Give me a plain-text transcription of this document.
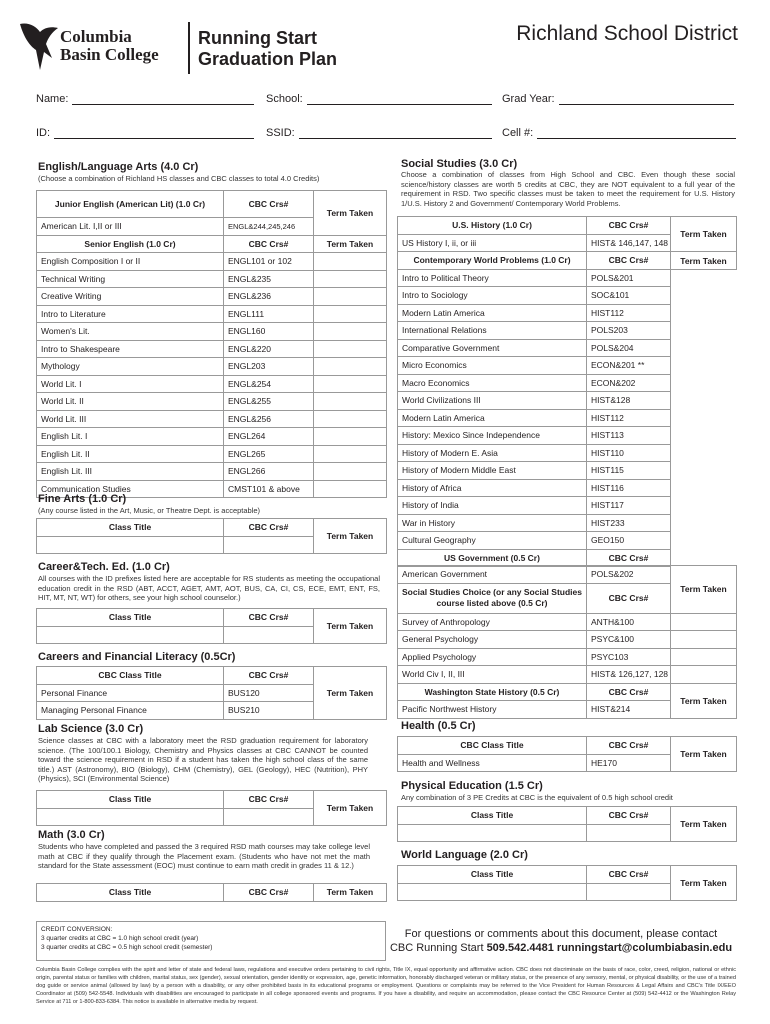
Columbia
Basin College
Running Start
Graduation Plan
Richland School District
Name:	School:	Grad Year:
ID:	SSID:	Cell #:
English/Language Arts (4.0 Cr)
(Choose a combination of Richland HS classes and CBC classes to total 4.0 Credits)
Junior English (American Lit) (1.0 Cr)	CBC Crs#	Term Taken
American Lit. I,II or III	ENGL&244,245,246	
Senior English (1.0 Cr)	CBC Crs#	Term Taken
English Composition I or II	ENGL101 or 102	
Technical Writing	ENGL&235	
Creative Writing	ENGL&236	
Intro to Literature	ENGL111	
Women's Lit.	ENGL160	
Intro to Shakespeare	ENGL&220	
Mythology	ENGL203	
World Lit. I	ENGL&254	
World Lit. II	ENGL&255	
World Lit. III	ENGL&256	
English Lit. I	ENGL264	
English Lit. II	ENGL265	
English Lit. III	ENGL266	
Communication Studies	CMST101 & above	
Fine Arts (1.0 Cr)
(Any course listed in the Art, Music, or Theatre Dept. is acceptable)
Class Title	CBC Crs#	Term Taken

Career&Tech. Ed. (1.0 Cr)
All courses with the ID prefixes listed here are acceptable for RS students as meeting the occupational education credit in the RSD (ABT, ACCT, AGET, AMT, AOT, BUS, CA, CI, CS, ECE, EMT, ENT, FS, HIT, MT, NT, WT) for others, see your high school counselor.)
Class Title	CBC Crs#	Term Taken

Careers and Financial Literacy (0.5Cr)
CBC Class Title	CBC Crs#	Term Taken
Personal Finance	BUS120	
Managing Personal Finance	BUS210	
Lab Science (3.0 Cr)
Science classes at CBC with a laboratory meet the RSD graduation requirement for laboratory science. (The 100/100.1 Biology, Chemistry and Physics classes at CBC CANNOT be counted toward the science requirement in RSD if a student has taken the high school class of the same title.) AST (Astronomy), BIO (Biology), CHM (Chemistry), GEL (Geology), HEC (Nutrition), PHY (Physics), SCI (Environmental Science)
Class Title	CBC Crs#	Term Taken

Math (3.0 Cr)
Students who have completed and passed the 3 required RSD math courses may take college level math at CBC if they qualify through the Placement exam. (Students who have not met the math standard for the State assessment (EOC) must continue to earn math credit in grades 11 & 12.)
Class Title	CBC Crs#	Term Taken
CREDIT CONVERSION:
3 quarter credits at CBC = 1.0 high school credit (year)
3 quarter credits at CBC = 0.5 high school credit (semester)
Social Studies (3.0 Cr)
Choose a combination of classes from High School and CBC. Even though these social science/history classes are worth 5 credits at CBC, they are NOT equivalent to a full year of the requirement in RSD. Two specific classes must be taken to meet the requirement for U.S. History 1/U.S. History 2 and Government/ Contemporary World Problems.
U.S. History (1.0 Cr)	CBC Crs#	Term Taken
US History I, ii, or iii	HIST& 146,147, 148	
Contemporary World Problems (1.0 Cr)	CBC Crs#	Term Taken
Intro to Political Theory	POLS&201	
Intro to Sociology	SOC&101	
Modern Latin America	HIST112	
International Relations	POLS203	
Comparative Government	POLS&204	
Micro Economics	ECON&201 **	
Macro Economics	ECON&202	
World Civilizations III	HIST&128	
Modern Latin America	HIST112	
History: Mexico Since Independence	HIST113	
History of Modern E. Asia	HIST110	
History of Modern Middle East	HIST115	
History of Africa	HIST116	
History of India	HIST117	
War in History	HIST233	
Cultural Geography	GEO150	
US Government (0.5 Cr)	CBC Crs#	
American Government	POLS&202	Term Taken
Social Studies Choice (or any Social Studies course listed above (0.5 Cr)	CBC Crs#	
Survey of Anthropology	ANTH&100	
General Psychology	PSYC&100	
Applied Psychology	PSYC103	
World Civ I, II, III	HIST& 126,127, 128	
Washington State History (0.5 Cr)	CBC Crs#	Term Taken
Pacific Northwest History	HIST&214	
Health (0.5 Cr)
CBC Class Title	CBC Crs#	Term Taken
Health and Wellness	HE170	
Physical Education (1.5 Cr)
Any combination of 3 PE Credits at CBC is the equivalent of 0.5 high school credit
Class Title	CBC Crs#	Term Taken

World Language (2.0 Cr)
Class Title	CBC Crs#	Term Taken

For questions or comments about this document, please contact
CBC Running Start 509.542.4481 runningstart@columbiabasin.edu
Columbia Basin College complies with the spirit and letter of state and federal laws, regulations and executive orders pertaining to civil rights, Title IX, equal opportunity and affirmative action. CBC does not discriminate on the basis of race, color, creed, religion, national or ethnic origin, parental status or families with children, marital status, sex (gender), sexual orientation, gender identity or expression, age, genetic information, honorably discharged veteran or military status, or the presence of any sensory, mental, or physical disability, or the use of a trained dog guide or service animal (allowed by law) by a person with a disability, or any other prohibited basis in its educational programs or employment. Questions or complaints may be referred to the Vice President for Human Resources & Legal Affairs and CBC's Title IX/EEO Coordinator at (509) 542-5548. Individuals with disabilities are encouraged to participate in all college sponsored events and programs. If you have a disability, and require an accommodation, please contact the CBC Resource Center at (509) 542-4412 or the Washington Relay Service at 711 or 1-800-833-6384. This notice is available in alternative media by request.
